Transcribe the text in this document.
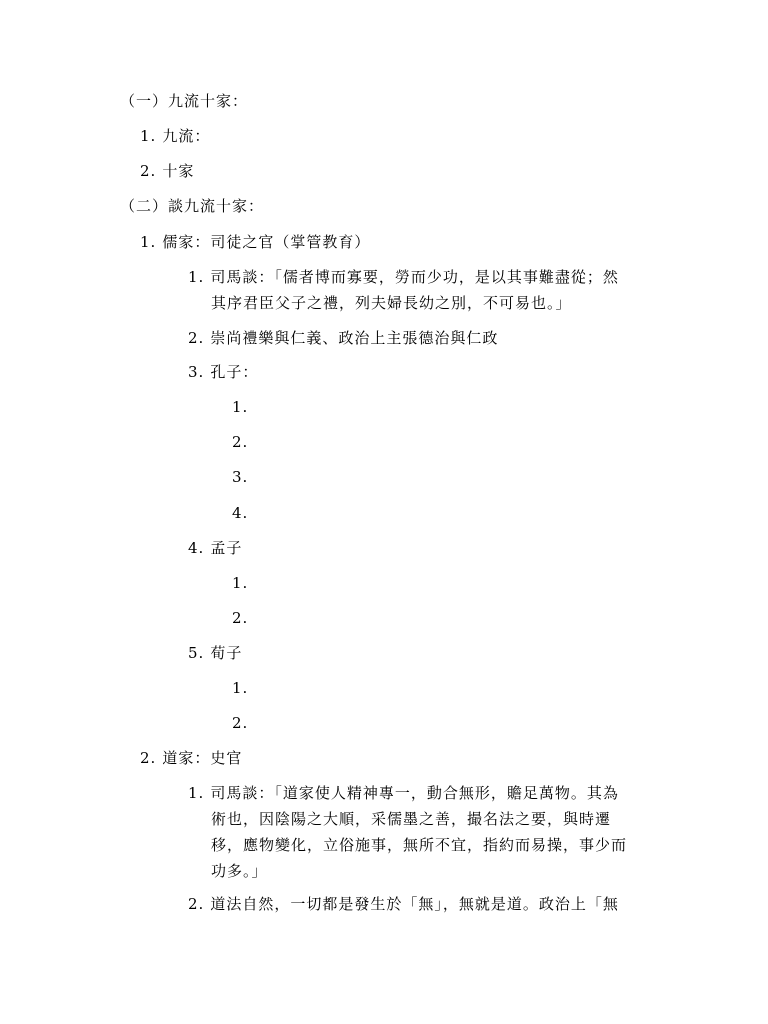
（一）九流十家：
1. 九流：
2. 十家
（二）談九流十家：
1. 儒家：司徒之官（掌管教育）
1. 司馬談：「儒者博而寡要，勞而少功，是以其事難盡從；然
其序君臣父子之禮，列夫婦長幼之別，不可易也。」
2. 崇尚禮樂與仁義、政治上主張德治與仁政
3. 孔子：
1.
2.
3.
4.
4. 孟子
1.
2.
5. 荀子
1.
2.
2. 道家：史官
1. 司馬談：「道家使人精神專一，動合無形，贍足萬物。其為
術也，因陰陽之大順，采儒墨之善，撮名法之要，與時遷
移，應物變化，立俗施事，無所不宜，指約而易操，事少而
功多。」
2. 道法自然，一切都是發生於「無」，無就是道。政治上「無
